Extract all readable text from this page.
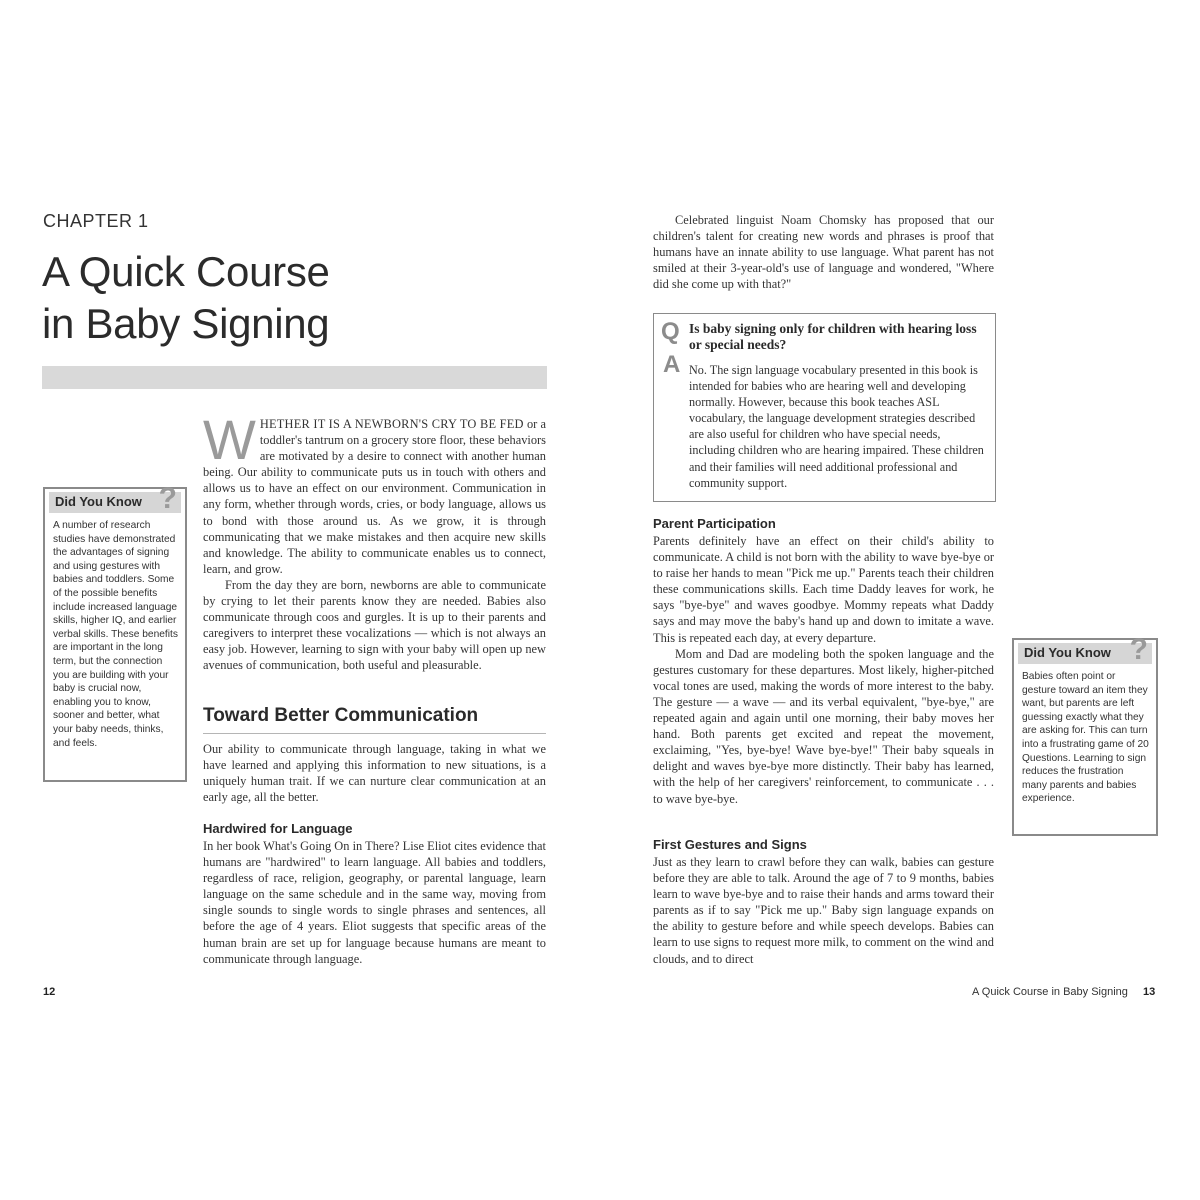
CHAPTER 1
A Quick Course
in Baby Signing
Did You Know ?
A number of research studies have demonstrated the advantages of signing and using gestures with babies and toddlers. Some of the possible benefits include increased language skills, higher IQ, and earlier verbal skills. These benefits are important in the long term, but the connection you are building with your baby is crucial now, enabling you to know, sooner and better, what your baby needs, thinks, and feels.

WHETHER IT IS A NEWBORN'S CRY TO BE FED or a toddler's tantrum on a grocery store floor, these behaviors are motivated by a desire to connect with another human being. Our ability to communicate puts us in touch with others and allows us to have an effect on our environment. Communication in any form, whether through words, cries, or body language, allows us to bond with those around us. As we grow, it is through communicating that we make mistakes and then acquire new skills and knowledge. The ability to communicate enables us to connect, learn, and grow.

From the day they are born, newborns are able to communicate by crying to let their parents know they are needed. Babies also communicate through coos and gurgles. It is up to their parents and caregivers to interpret these vocalizations — which is not always an easy job. However, learning to sign with your baby will open up new avenues of communication, both useful and pleasurable.

Toward Better Communication
Our ability to communicate through language, taking in what we have learned and applying this information to new situations, is a uniquely human trait. If we can nurture clear communication at an early age, all the better.
Hardwired for Language
In her book What's Going On in There? Lise Eliot cites evidence that humans are "hardwired" to learn language. All babies and toddlers, regardless of race, religion, geography, or parental language, learn language on the same schedule and in the same way, moving from single sounds to single words to single phrases and sentences, all before the age of 4 years. Eliot suggests that specific areas of the human brain are set up for language because humans are meant to communicate through language.
12
Celebrated linguist Noam Chomsky has proposed that our children's talent for creating new words and phrases is proof that humans have an innate ability to use language. What parent has not smiled at their 3-year-old's use of language and wondered, "Where did she come up with that?"
Q
A
Is baby signing only for children with hearing loss or special needs?
No. The sign language vocabulary presented in this book is intended for babies who are hearing well and developing normally. However, because this book teaches ASL vocabulary, the language development strategies described are also useful for children who have special needs, including children who are hearing impaired. These children and their families will need additional professional and community support.
Parent Participation

Parents definitely have an effect on their child's ability to communicate. A child is not born with the ability to wave bye-bye or to raise her hands to mean "Pick me up." Parents teach their children these communications skills. Each time Daddy leaves for work, he says "bye-bye" and waves goodbye. Mommy repeats what Daddy says and may move the baby's hand up and down to imitate a wave. This is repeated each day, at every departure.

Mom and Dad are modeling both the spoken language and the gestures customary for these departures. Most likely, higher-pitched vocal tones are used, making the words of more interest to the baby. The gesture — a wave — and its verbal equivalent, "bye-bye," are repeated again and again until one morning, their baby moves her hand. Both parents get excited and repeat the movement, exclaiming, "Yes, bye-bye! Wave bye-bye!" Their baby squeals in delight and waves bye-bye more distinctly. Their baby has learned, with the help of her caregivers' reinforcement, to communicate . . . to wave bye-bye.

First Gestures and Signs
Just as they learn to crawl before they can walk, babies can gesture before they are able to talk. Around the age of 7 to 9 months, babies learn to wave bye-bye and to raise their hands and arms toward their parents as if to say "Pick me up." Baby sign language expands on the ability to gesture before and while speech develops. Babies can learn to use signs to request more milk, to comment on the wind and clouds, and to direct
Did You Know ?
Babies often point or gesture toward an item they want, but parents are left guessing exactly what they are asking for. This can turn into a frustrating game of 20 Questions. Learning to sign reduces the frustration many parents and babies experience.
A Quick Course in Baby Signing 13
